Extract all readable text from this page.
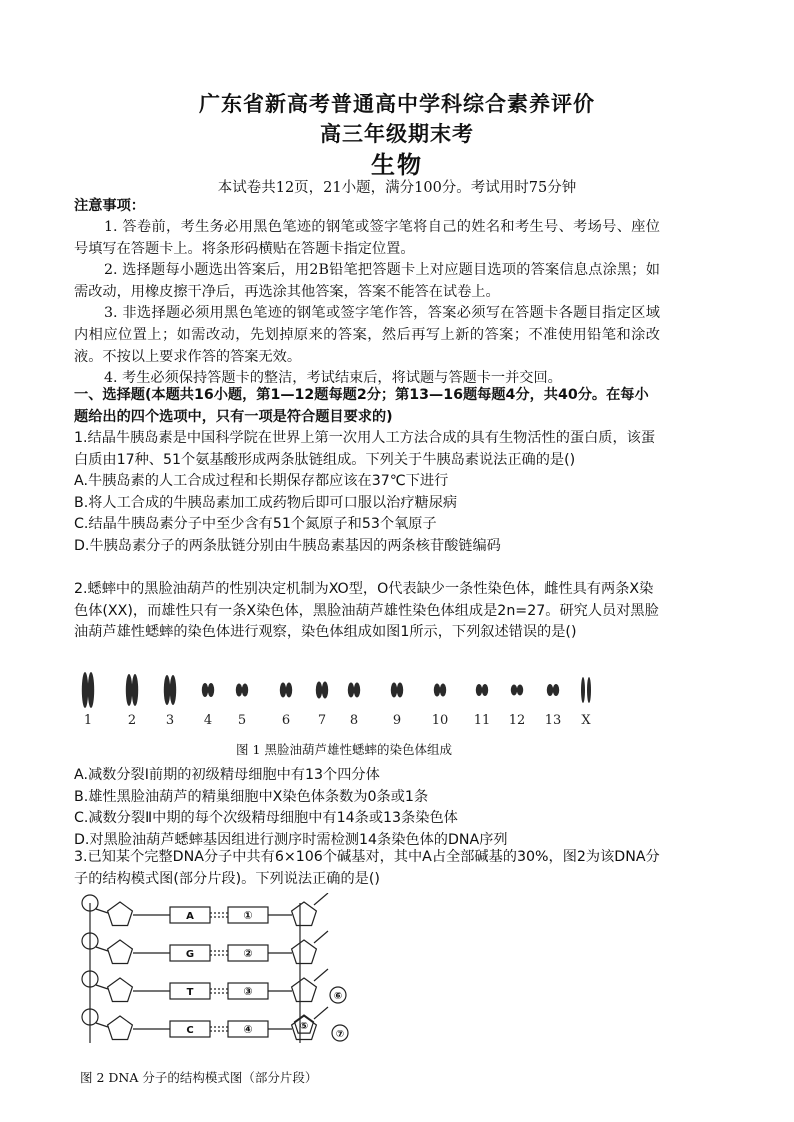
广东省新高考普通高中学科综合素养评价
高三年级期末考
生物
本试卷共12页，21小题，满分100分。考试用时75分钟
注意事项：

1. 答卷前，考生务必用黑色笔迹的钢笔或签字笔将自己的姓名和考生号、考场号、座位号填写在答题卡上。将条形码横贴在答题卡指定位置。

2. 选择题每小题选出答案后，用2B铅笔把答题卡上对应题目选项的答案信息点涂黑；如需改动，用橡皮擦干净后，再选涂其他答案，答案不能答在试卷上。

3. 非选择题必须用黑色笔迹的钢笔或签字笔作答，答案必须写在答题卡各题目指定区域内相应位置上；如需改动，先划掉原来的答案，然后再写上新的答案；不准使用铅笔和涂改液。不按以上要求作答的答案无效。

4. 考生必须保持答题卡的整洁，考试结束后，将试题与答题卡一并交回。

一、选择题(本题共16小题，第1—12题每题2分；第13—16题每题4分，共40分。在每小题给出的四个选项中，只有一项是符合题目要求的)

1.结晶牛胰岛素是中国科学院在世界上第一次用人工方法合成的具有生物活性的蛋白质，该蛋白质由17种、51个氨基酸形成两条肽链组成。下列关于牛胰岛素说法正确的是()

A.牛胰岛素的人工合成过程和长期保存都应该在37℃下进行

B.将人工合成的牛胰岛素加工成药物后即可口服以治疗糖尿病

C.结晶牛胰岛素分子中至少含有51个氮原子和53个氧原子

D.牛胰岛素分子的两条肽链分别由牛胰岛素基因的两条核苷酸链编码

2.蟋蟀中的黑脸油葫芦的性别决定机制为XO型，O代表缺少一条性染色体，雌性具有两条X染色体(XX)，而雄性只有一条X染色体，黑脸油葫芦雄性染色体组成是2n=27。研究人员对黑脸油葫芦雄性蟋蟀的染色体进行观察，染色体组成如图1所示，下列叙述错误的是()

1	2 3 4 5	6 7 8	9 10 11 12 13 X
图 1 黑脸油葫芦雄性蟋蟀的染色体组成

A.减数分裂Ⅰ前期的初级精母细胞中有13个四分体

B.雄性黑脸油葫芦的精巢细胞中X染色体条数为0条或1条

C.减数分裂Ⅱ中期的每个次级精母细胞中有14条或13条染色体

D.对黑脸油葫芦蟋蟀基因组进行测序时需检测14条染色体的DNA序列

3.已知某个完整DNA分子中共有6×106个碱基对，其中A占全部碱基的30%，图2为该DNA分子的结构模式图(部分片段)。下列说法正确的是()

A	①
G	②
T	③
C	④
⑥
⑤
⑦
图 2 DNA 分子的结构模式图（部分片段）
